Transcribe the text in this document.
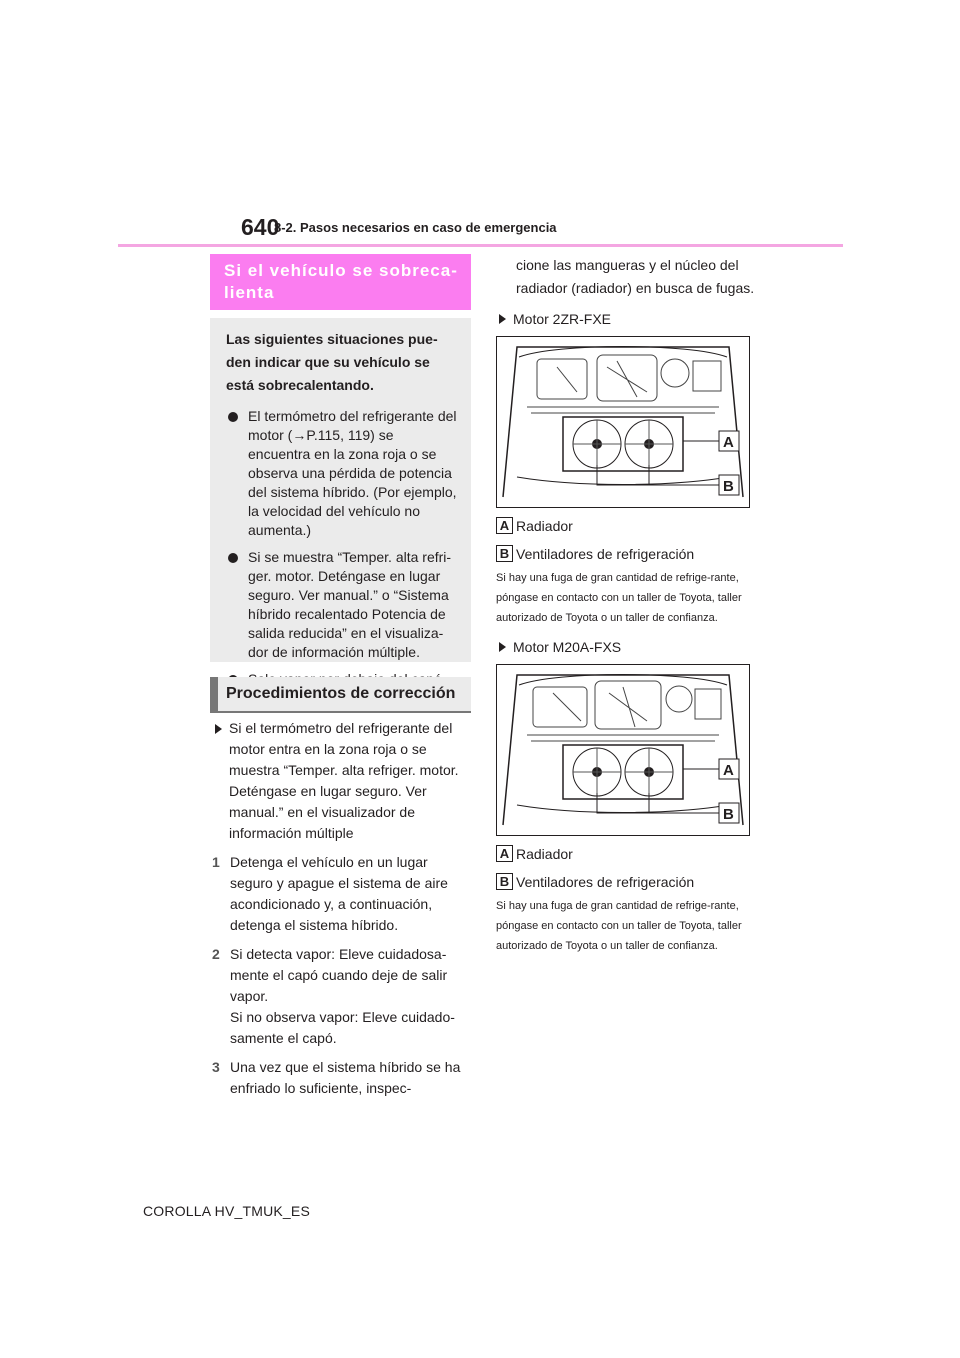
640
8-2. Pasos necesarios en caso de emergencia
Si el vehículo se sobreca-
lienta
Las siguientes situaciones pue-den indicar que su vehículo se está sobrecalentando.
El termómetro del refrigerante del motor (→P.115, 119) se encuentra en la zona roja o se observa una pérdida de potencia del sistema híbrido. (Por ejemplo, la velocidad del vehículo no aumenta.)
Si se muestra “Temper. alta refri-ger. motor. Deténgase en lugar seguro. Ver manual.” o “Sistema híbrido recalentado Potencia de salida reducida” en el visualiza-dor de información múltiple.
Procedimientos de corrección
Si el termómetro del refrigerante del motor entra en la zona roja o se muestra “Temper. alta refriger. motor. Deténgase en lugar seguro. Ver manual.” en el visualizador de información múltiple
1 Detenga el vehículo en un lugar seguro y apague el sistema de aire acondicionado y, a continuación, detenga el sistema híbrido.
2 Si detecta vapor: Eleve cuidadosa-mente el capó cuando deje de salir vapor.
Si no observa vapor: Eleve cuidado-samente el capó.
3 Una vez que el sistema híbrido se ha enfriado lo suficiente, inspec-
cione las mangueras y el núcleo del radiador (radiador) en busca de fugas.
Motor 2ZR-FXE
A
B
A Radiador
B Ventiladores de refrigeración
Si hay una fuga de gran cantidad de refrige-rante, póngase en contacto con un taller de Toyota, taller autorizado de Toyota o un taller de confianza.
Motor M20A-FXS
A
B
A Radiador
B Ventiladores de refrigeración
Si hay una fuga de gran cantidad de refrige-rante, póngase en contacto con un taller de Toyota, taller autorizado de Toyota o un taller de confianza.
COROLLA HV_TMUK_ES
